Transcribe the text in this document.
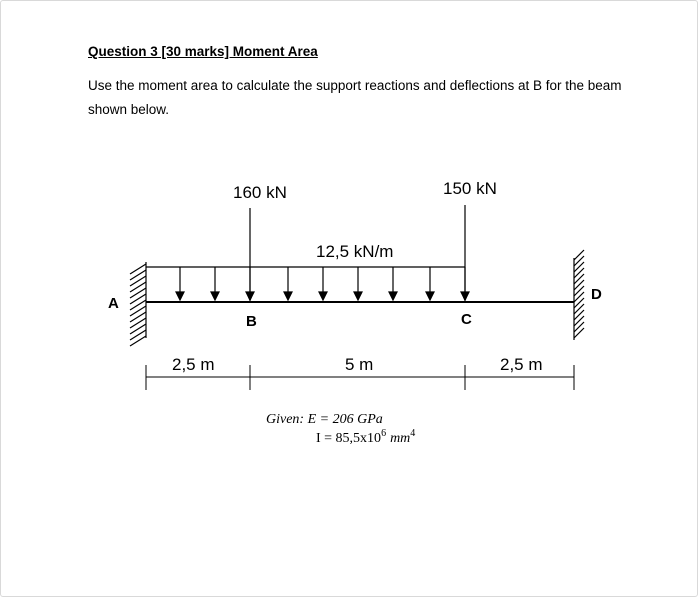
Question 3 [30 marks] Moment Area
Use the moment area to calculate the support reactions and deflections at B for the beam
shown below.
160 kN	150 kN
12,5 kN/m
A
B	C
D
2,5 m	5 m	2,5 m
Given: E = 206 GPa
$I = 85,5x10^6$ $mm^4$
